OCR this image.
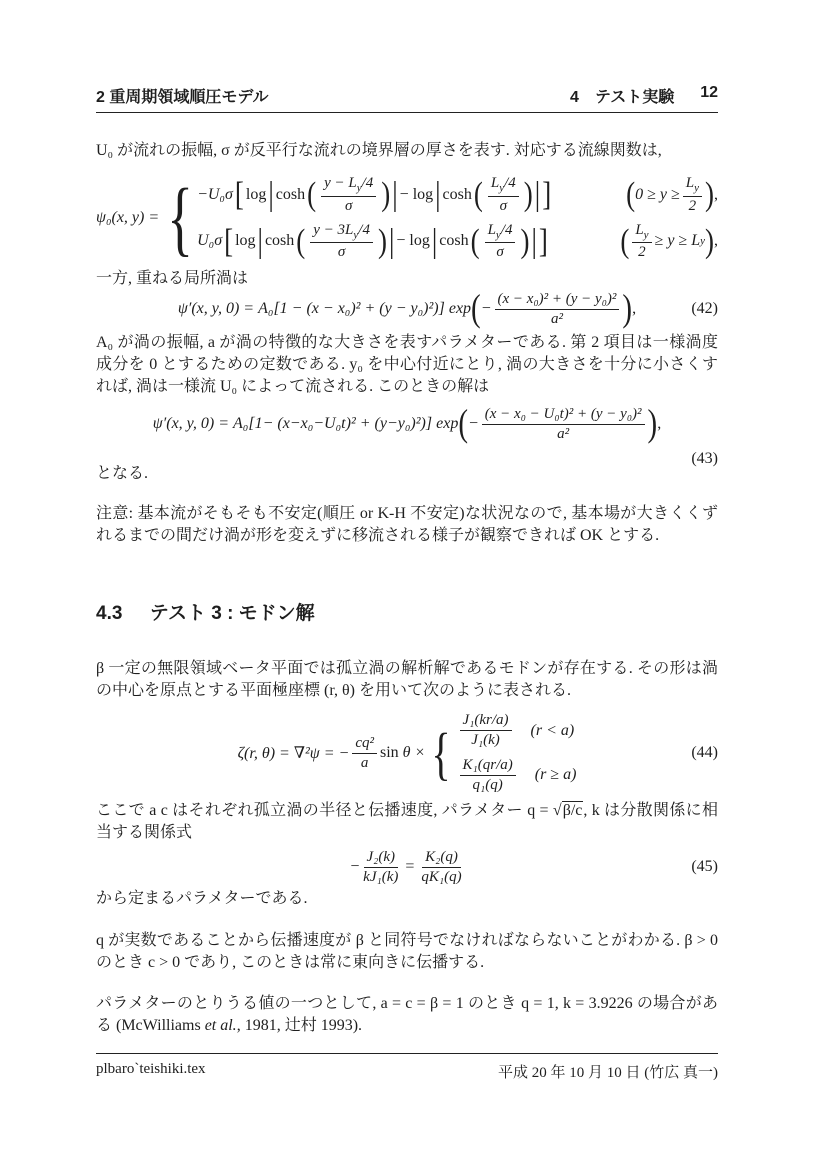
2 重周期領域順圧モデル	4　テスト実験 12
U₀ が流れの振幅, σ が反平行な流れの境界層の厚さを表す. 対応する流線関数は,
ψ₀(x, y) = { −U₀σ [ log | cosh ( $\frac{y - L_y/4}{\sigma}$ ) | − log | cosh ( $\frac{L_y/4}{\sigma}$ ) | ]	( $0 \ge y \ge \frac{L_y}{2}$ ) ,
U₀σ [ log | cosh ( $\frac{y - 3L_y/4}{\sigma}$ ) | − log | cosh ( $\frac{L_y/4}{\sigma}$ ) | ]	( $\frac{L_y}{2} \ge y \ge L$ y ) ,
一方, 重ねる局所渦は
ψ′(x, y, 0) = A₀[1 − (x − x₀)² + (y − y₀)²)] exp ( − $\frac{\text{(x − x₀)² + (y − y₀)²}}{\text{a²}}$ ) ,	(42)
A₀ が渦の振幅, a が渦の特徴的な大きさを表すパラメターである. 第 2 項目は一様渦度成分を 0 とするための定数である. y₀ を中心付近にとり, 渦の大きさを十分に小さくすれば, 渦は一様流 U₀ によって流される. このときの解は
ψ′(x, y, 0) = A₀[1− (x−x₀−U₀t)² + (y−y₀)²)] exp ( − $\frac{\text{(x − x₀ − U₀t)² + (y − y₀)²}}{\text{a²}}$ ) ,
(43)
となる.
注意: 基本流がそもそも不安定(順圧 or K-H 不安定)な状況なので, 基本場が大きくくずれるまでの間だけ渦が形を変えずに移流される様子が観察できれば OK とする.
4.3 テスト 3 : モドン解
β 一定の無限領域ベータ平面では孤立渦の解析解であるモドンが存在する. その形は渦の中心を原点とする平面極座標 (r, θ) を用いて次のように表される.
ζ(r, θ) = ∇²ψ = − $\frac{\text{cq²}}{a}$ sin
θ × { $\frac{\text{J₁(kr/a)}}{\text{J₁(k)}} (r < a)$
$\frac{\text{K₁(qr/a)}}{\text{q₁(q)}} (r \ge a)$
(44)
ここで a c はそれぞれ孤立渦の半径と伝播速度, パラメター q = √β/c, k は分散関係に相当する関係式
− $\frac{\text{J₂(k)}}{\text{kJ₁(k)}} = \frac{\text{K₂(q)}}{\text{qK₁(q)}}$	(45)
から定まるパラメターである.
q が実数であることから伝播速度が β と同符号でなければならないことがわかる. β > 0 のとき c > 0 であり, このときは常に東向きに伝播する.
パラメターのとりうる値の一つとして, a = c = β = 1 のとき q = 1, k = 3.9226 の場合がある (McWilliams et al., 1981, 辻村 1993).
plbaro`teishiki.tex	平成 20 年 10 月 10 日 (竹広 真一)
